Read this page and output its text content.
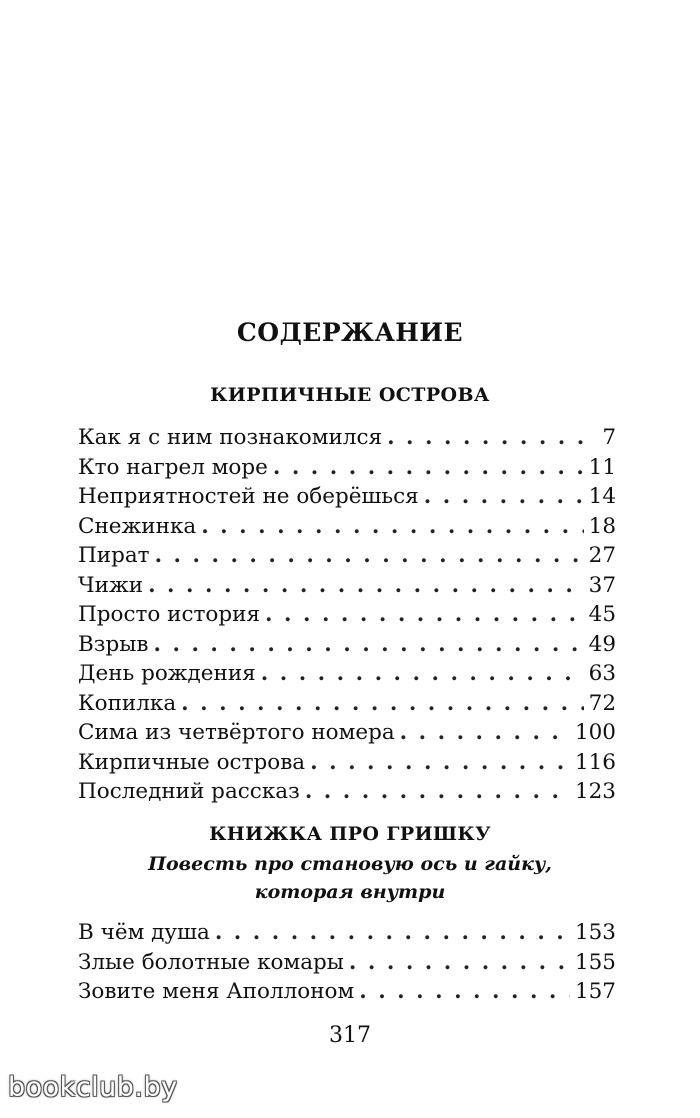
СОДЕРЖАНИЕ
КИРПИЧНЫЕ ОСТРОВА
Как я с ним познакомился . . .	7
Кто нагрел море . . .	11
Неприятностей не оберёшься . . .	14
Снежинка . . .	18
Пират . . .	27
Чижи . . .	37
Просто история . . .	45
Взрыв . . .	49
День рождения . . .	63
Копилка . . .	72
Сима из четвёртого номера . . .	100
Кирпичные острова . . .	116
Последний рассказ . . .	123
КНИЖКА ПРО ГРИШКУ
Повесть про становую ось и гайку,
которая внутри
В чём душа . . .	153
Злые болотные комары . . .	155
Зовите меня Аполлоном . . .	157
317
bookclub.by
